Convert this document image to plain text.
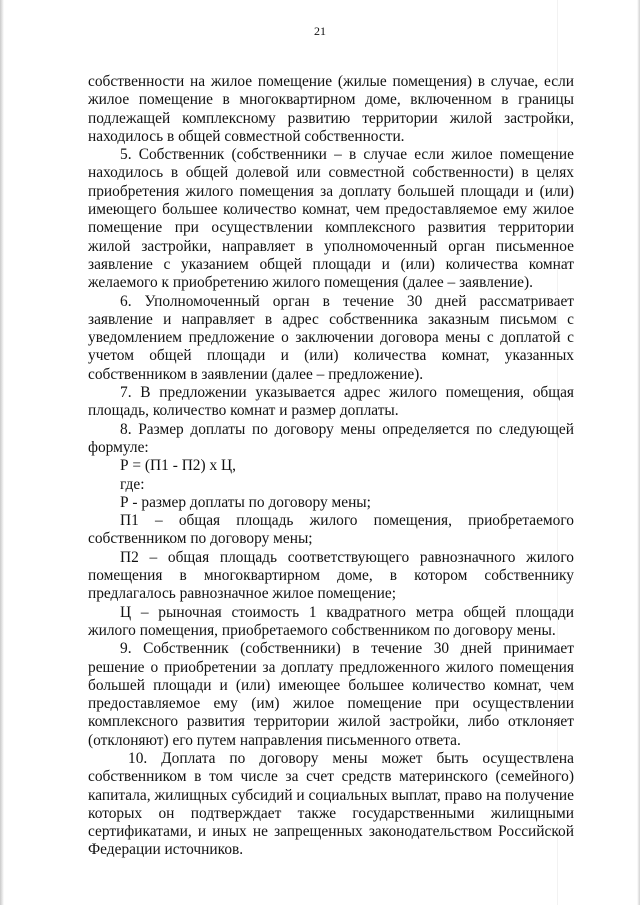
21

собственности на жилое помещение (жилые помещения) в случае, если жилое помещение в многоквартирном доме, включенном в границы подлежащей комплексному развитию территории жилой застройки, находилось в общей совместной собственности.

5. Собственник (собственники – в случае если жилое помещение находилось в общей долевой или совместной собственности) в целях приобретения жилого помещения за доплату большей площади и (или) имеющего большее количество комнат, чем предоставляемое ему жилое помещение при осуществлении комплексного развития территории жилой застройки, направляет в уполномоченный орган письменное заявление с указанием общей площади и (или) количества комнат желаемого к приобретению жилого помещения (далее – заявление).

6. Уполномоченный орган в течение 30 дней рассматривает заявление и направляет в адрес собственника заказным письмом с уведомлением предложение о заключении договора мены с доплатой с учетом общей площади и (или) количества комнат, указанных собственником в заявлении (далее – предложение).

7. В предложении указывается адрес жилого помещения, общая площадь, количество комнат и размер доплаты.

8. Размер доплаты по договору мены определяется по следующей формуле:

Р = (П1 - П2) x Ц,

где:

Р - размер доплаты по договору мены;

П1 – общая площадь жилого помещения, приобретаемого собственником по договору мены;

П2 – общая площадь соответствующего равнозначного жилого помещения в многоквартирном доме, в котором собственнику предлагалось равнозначное жилое помещение;

Ц – рыночная стоимость 1 квадратного метра общей площади жилого помещения, приобретаемого собственником по договору мены.

9. Собственник (собственники) в течение 30 дней принимает решение о приобретении за доплату предложенного жилого помещения большей площади и (или) имеющее большее количество комнат, чем предоставляемое ему (им) жилое помещение при осуществлении комплексного развития территории жилой застройки, либо отклоняет (отклоняют) его путем направления письменного ответа.

10. Доплата по договору мены может быть осуществлена собственником в том числе за счет средств материнского (семейного) капитала, жилищных субсидий и социальных выплат, право на получение которых он подтверждает также государственными жилищными сертификатами, и иных не запрещенных законодательством Российской Федерации источников.
